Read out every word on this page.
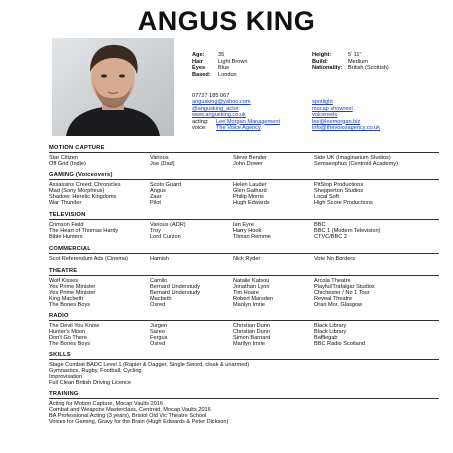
ANGUS KING
Age: 35
Hair	Light Brown
Eyes Blue
Based: London
Height:	5' 11"
Build:	Medium
Nationality: British (Scottish)
07727 185 067
angusking@yahoo.com	spotlight
@angusking_actor	mocap showreel
www.angusking.co.uk	voicereels
acting:	Lee Morgan Management	lee@leemorgan.biz
voice:	The Voice Agency	info@thevoiceagency.co.uk
MOTION CAPTURE
Star Citizen	Various	Steve Bender	Side UK (Imaginarium Studios)
Off Grid (Indie)	Joe (Dad)	John Dower	Semaeophus (Centroid Academy)
GAMING (Voiceovers)
Assassins Creed: Chronicles	Scots Guard	Helen Lauder	PitStop Productions
Mad (Sony Morpheus)	Angus	Glen Gathard	Shepperton Studios
Shadow: Heretic Kingdoms	Zaar	Philip Morris	Local Soft
War Thunder	Pilot	Hugh Edwards	High Score Productions
TELEVISION
Crimson Field	Various (ADR)	Ian Eyre	BBC
The Heart of Thomas Hardy	Troy	Harry Hook	BBC 1 (Modern Television)
Bible Hunters	Lord Curzon	Tilman Remme	CTVC/BBC 2
COMMERCIAL
Scot Referendum Ads (Cinema)	Hamish	Nick Ryder	Vote No Borders
THEATRE
Wolf Kisses	Camilo	Natalie Katsou	Arcola Theatre
Yes Prime Minister	Bernard Understudy	Jonathan Lynn	Playful/Trafalgar Studios
Yes Prime Minister	Bernard Understudy	Tim Hoare	Chichester / No 1 Tour
King Macbeth	Macbeth	Robert Marsden	Reveal Theatre
The Bones Boys	Osred	Manlyn Imrie	Oran Mor, Glasgow
RADIO
The Devil You Know	Jurgen	Christian Dunn	Black Library
Hunter's Moon	Sareo	Christian Dunn	Black Library
Don't Go There	Fergus	Simon Barnard	Bafflegab
The Bones Boys	Osred	Marilyn Imrie	BBC Radio Scotland
SKILLS
Stage Combat BADC Level 1 (Rapier & Dagger, Single Sword, cloak & unarmed)
Gymnastics, Rugby, Football, Cycling
Improvisation
Full Clean British Driving Licence
TRAINING
Acting for Motion Capture, Mocap Vaults 2016
Combat and Weapons Masterclass, Centroid, Mocap Vaults 2016
BA Professional Acting (3 years), Bristol Old Vic Theatre School
Voices for Gaming, Gravy for the Brain (Hugh Edwards & Peter Dickson)
